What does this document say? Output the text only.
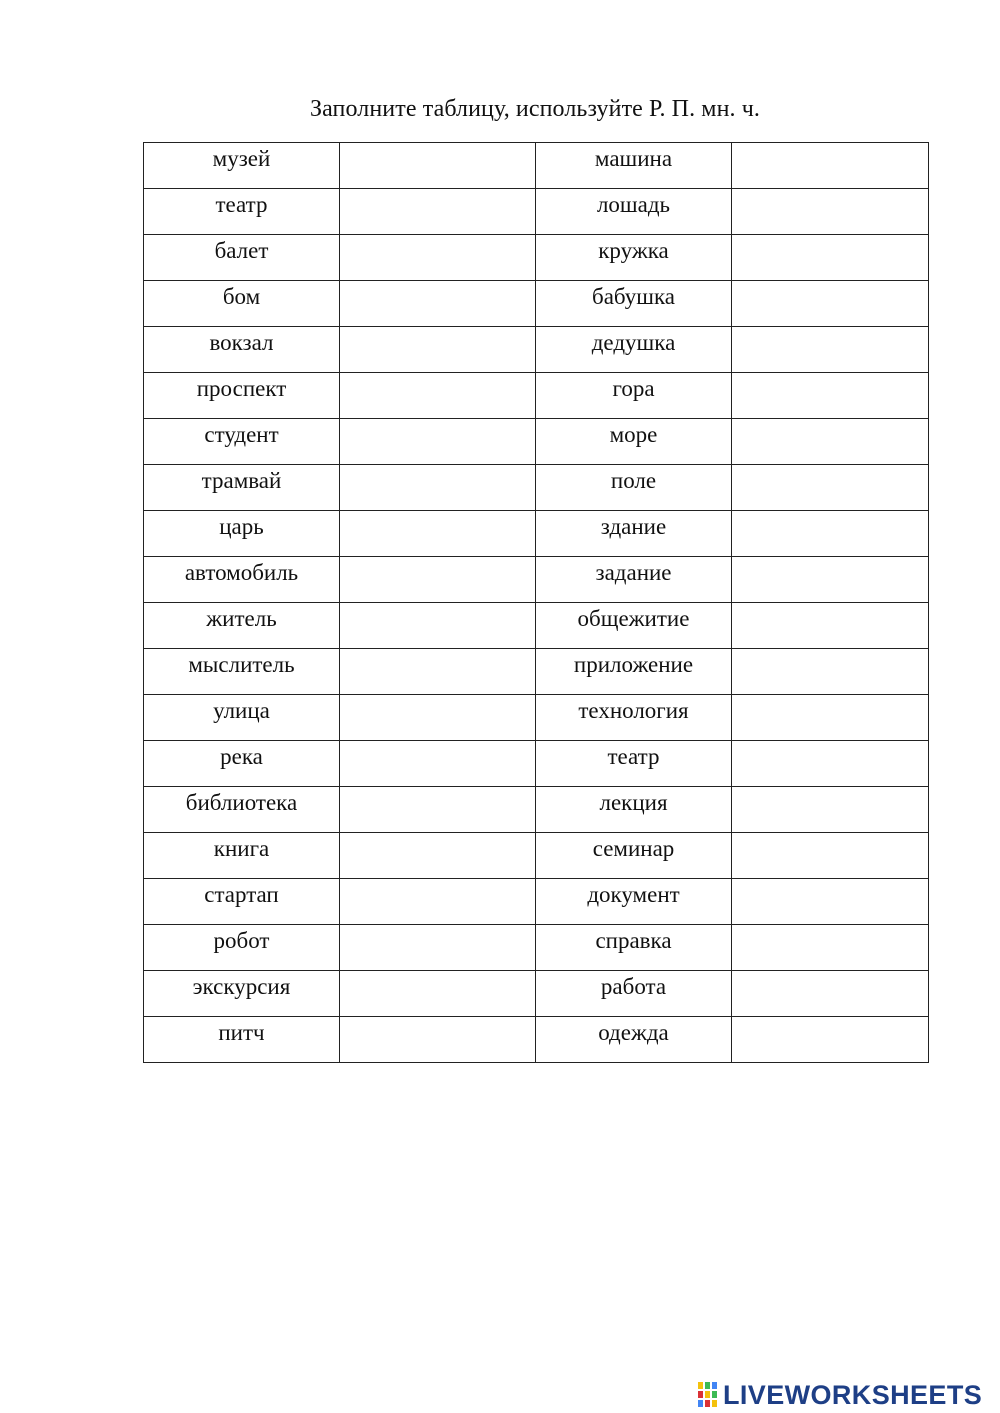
Заполните таблицу, используйте Р. П. мн. ч.
музей		машина	
театр		лошадь	
балет		кружка	
бом		бабушка	
вокзал		дедушка	
проспект		гора	
студент		море	
трамвай		поле	
царь		здание	
автомобиль		задание	
житель		общежитие	
мыслитель		приложение	
улица		технология	
река		театр	
библиотека		лекция	
книга		семинар	
стартап		документ	
робот		справка	
экскурсия		работа	
питч		одежда	
LIVEWORKSHEETS
